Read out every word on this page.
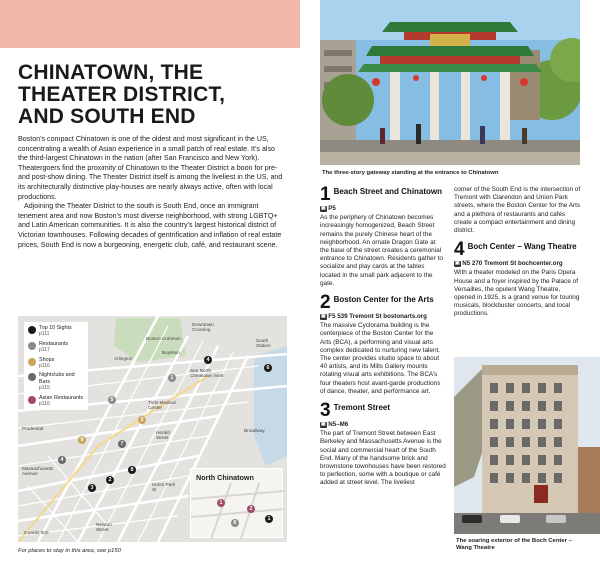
CHINATOWN, THE
THEATER DISTRICT,
AND SOUTH END

Boston’s compact Chinatown is one of the oldest and most significant in the US, concentrating a wealth of Asian experience in a small patch of real estate. It’s also the third-largest Chinatown in the nation (after San Francisco and New York). Theatergoers find the proximity of Chinatown to the Theater District a boon for pre- and post-show dining. The Theater District itself is among the liveliest in the US, and its architecturally distinctive play-houses are nearly always active, often with local productions.

Adjoining the Theater District to the south is South End, once an immigrant tenement area and now Boston’s most diverse neighborhood, with strong LGBTQ+ and Latin American communities. It is also the country’s largest historical district of Victorian townhouses. Following decades of gentrification and inflation of real estate prices, South End is now a burgeoning, energetic club, café, and restaurant scene.

Top 10 Sights
p111
Restaurants
p117
Shops
p116
Nightclubs and Bars
p115
Asian Restaurants
p116
Boston Common
Downtown Crossing
South Station
Arlington
Boylston
See North Chinatown inset
Tufts Medical Center
Herald Street
Prudential
Massachusetts Avenue
Union Park St
Broadway
Newton Street
0 yards 500
4
6
2
3
8
1
5
3
9
4
7
North Chinatown
1
2
6
1
For places to stay in this area, see p150
The three-story gateway standing at the entrance to Chinatown
1 Beach Street and Chinatown
▣ P5
As the periphery of Chinatown becomes increasingly homogenized, Beach Street remains the purely Chinese heart of the neighborhood. An ornate Dragon Gate at the base of the street creates a ceremonial entrance to Chinatown. Residents gather to socialize and play cards at the tables located in the small park adjacent to the gate.
2 Boston Center for the Arts
▣ F5 539 Tremont St bostonarts.org
The massive Cyclorama building is the centerpiece of the Boston Center for the Arts (BCA), a performing and visual arts complex dedicated to nurturing new talent. The center provides studio space to about 40 artists, and its Mills Gallery mounts rotating visual arts exhibitions. The BCA’s four theaters host avant-garde productions of dance, theater, and performance art.
3 Tremont Street
▣ N5–M6
The part of Tremont Street between East Berkeley and Massachusetts Avenue is the social and commercial heart of the South End. Many of the handsome brick and brownstone townhouses have been restored to perfection, some with a boutique or café added at street level. The liveliest
corner of the South End is the intersection of Tremont with Clarendon and Union Park streets, where the Boston Center for the Arts and a plethora of restaurants and cafés create a compact entertainment and dining district.
4 Boch Center – Wang Theatre
▣ N5 270 Tremont St bochcenter.org
With a theater modeled on the Paris Opera House and a foyer inspired by the Palace of Versailles, the opulent Wang Theatre, opened in 1925, is a grand venue for touring musicals, blockbuster concerts, and local productions.
The soaring exterior of the Boch Center – Wang Theatre
